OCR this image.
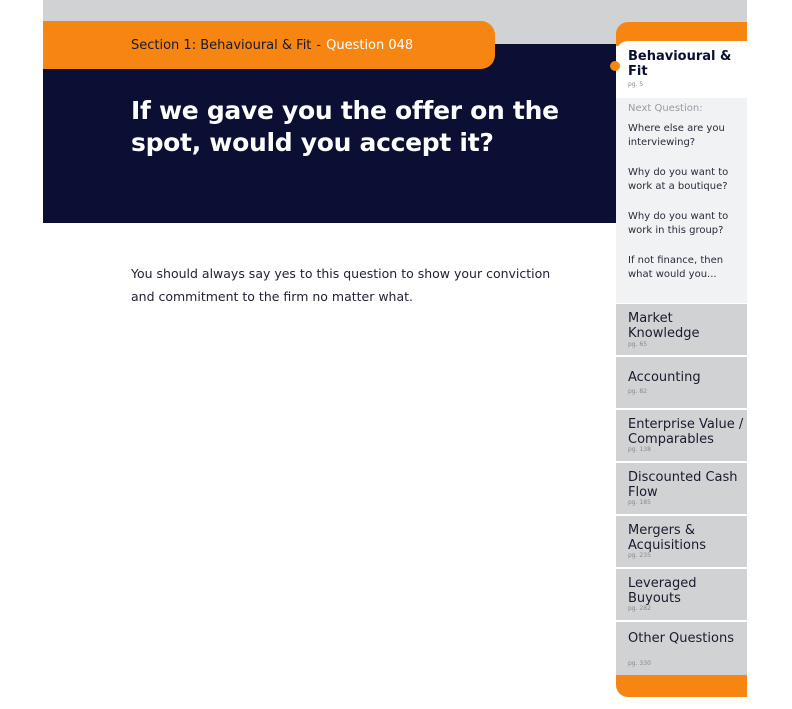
Section 1: Behavioural & Fit - Question 048
If we gave you the offer on the spot, would you accept it?
You should always say yes to this question to show your conviction and commitment to the firm no matter what.
Behavioural & Fit
pg. 5
Next Question:
Where else are you interviewing?
Why do you want to work at a boutique?
Why do you want to work in this group?
If not finance, then what would you...
Market Knowledge
pg. 65
Accounting
pg. 82
Enterprise Value / Comparables
pg. 138
Discounted Cash Flow
pg. 185
Mergers & Acquisitions
pg. 235
Leveraged Buyouts
pg. 282
Other Questions
pg. 330
